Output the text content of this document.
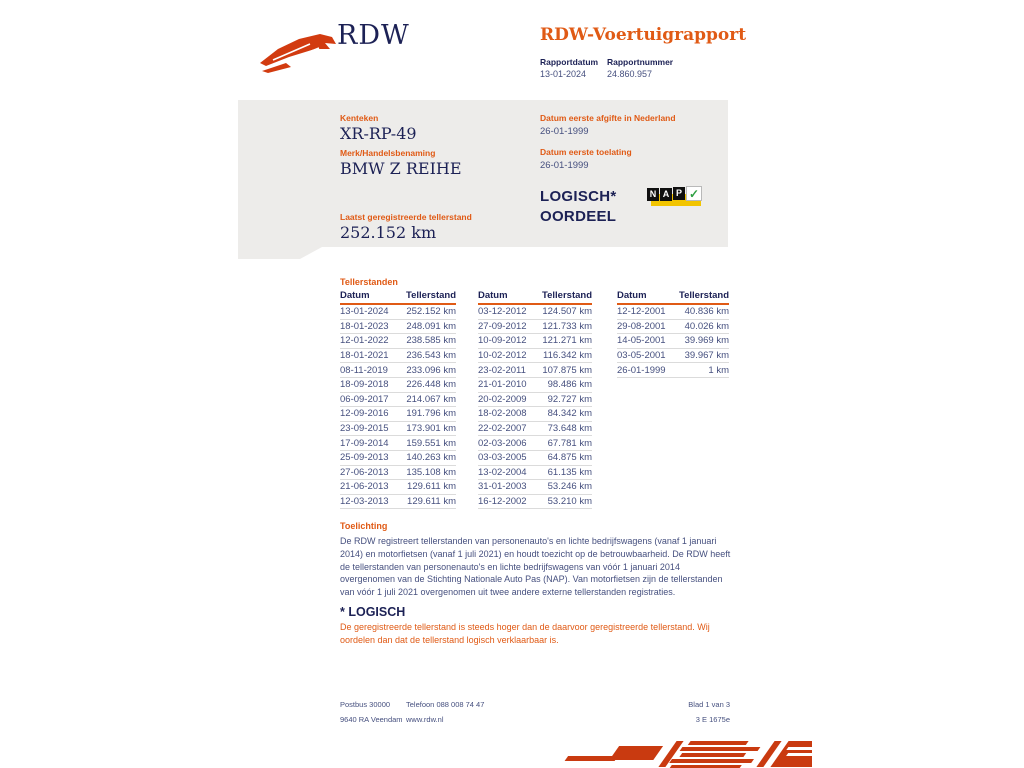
RDW	RDW-Voertuigrapport
Rapportdatum Rapportnummer
13-01-2024 24.860.957
Kenteken
XR-RP-49
Merk/Handelsbenaming
BMW Z REIHE
Laatst geregistreerde tellerstand
252.152 km
Datum eerste afgifte in Nederland
26-01-1999
Datum eerste toelating
26-01-1999
LOGISCH*
OORDEEL
N A P ✓
Tellerstanden
Datum	Tellerstand
13-01-2024 252.152 km
18-01-2023 248.091 km
12-01-2022 238.585 km
18-01-2021 236.543 km
08-11-2019 233.096 km
18-09-2018 226.448 km
06-09-2017 214.067 km
12-09-2016 191.796 km
23-09-2015 173.901 km
17-09-2014 159.551 km
25-09-2013 140.263 km
27-06-2013 135.108 km
21-06-2013 129.611 km
12-03-2013 129.611 km
Datum	Tellerstand
03-12-2012 124.507 km
27-09-2012 121.733 km
10-09-2012 121.271 km
10-02-2012 116.342 km
23-02-2011 107.875 km
21-01-2010 98.486 km
20-02-2009 92.727 km
18-02-2008 84.342 km
22-02-2007 73.648 km
02-03-2006 67.781 km
03-03-2005 64.875 km
13-02-2004 61.135 km
31-01-2003 53.246 km
16-12-2002 53.210 km
Datum	Tellerstand
12-12-2001 40.836 km
29-08-2001 40.026 km
14-05-2001 39.969 km
03-05-2001 39.967 km
26-01-1999	1 km
Toelichting
De RDW registreert tellerstanden van personenauto's en lichte bedrijfswagens (vanaf 1 januari 2014) en motorfietsen (vanaf 1 juli 2021) en houdt toezicht op de betrouwbaarheid. De RDW heeft de tellerstanden van personenauto's en lichte bedrijfswagens van vóór 1 januari 2014 overgenomen van de Stichting Nationale Auto Pas (NAP). Van motorfietsen zijn de tellerstanden van vóór 1 juli 2021 overgenomen uit twee andere externe tellerstanden registraties.
* LOGISCH
De geregistreerde tellerstand is steeds hoger dan de daarvoor geregistreerde tellerstand. Wij oordelen dan dat de tellerstand logisch verklaarbaar is.
Postbus 30000
9640 RA Veendam
Telefoon 088 008 74 47
www.rdw.nl
Blad 1 van 3
3 E 1675e
